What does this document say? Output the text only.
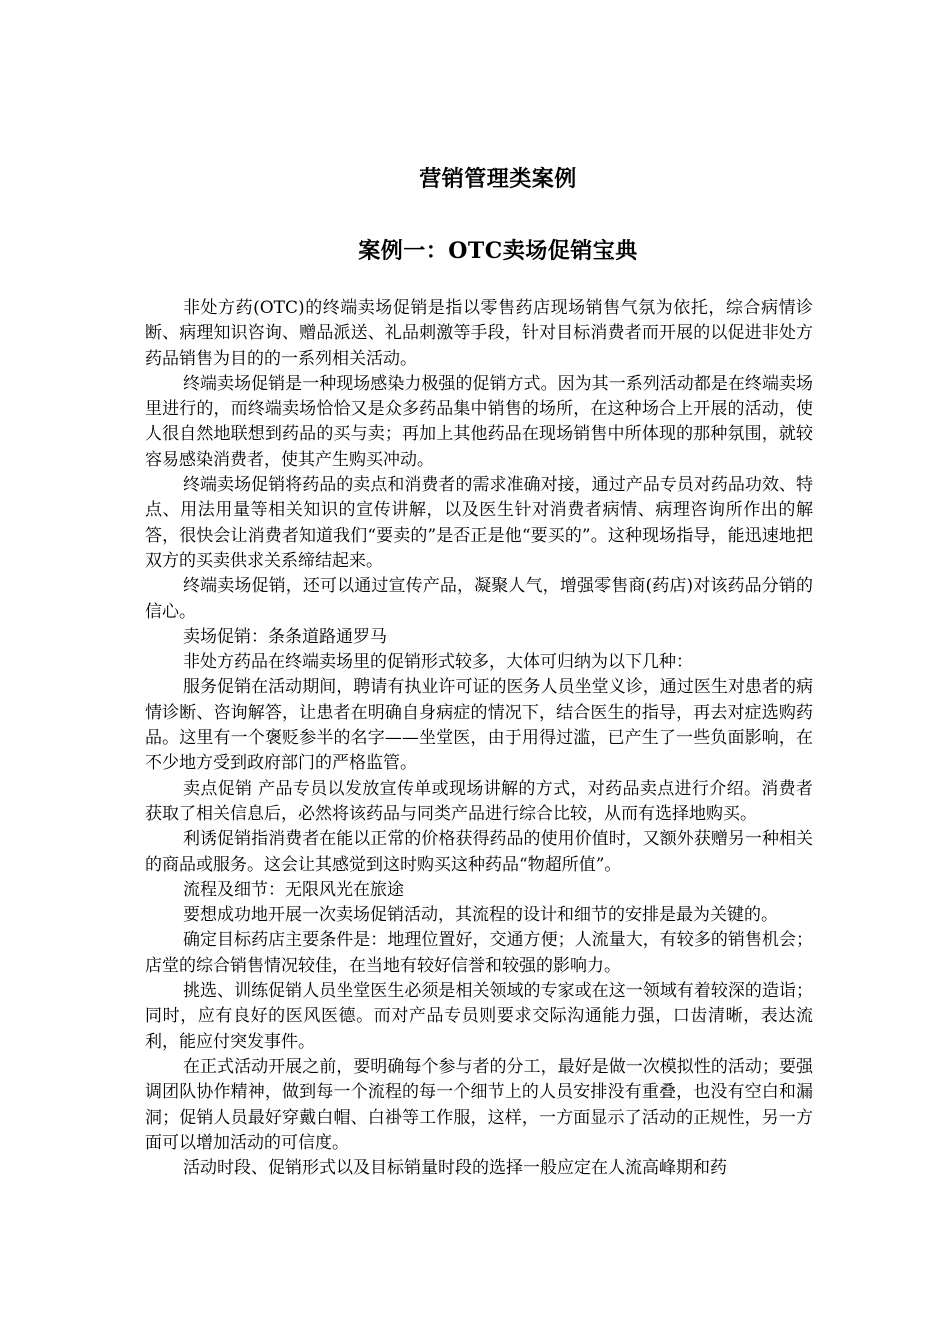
营销管理类案例
案例一：OTC卖场促销宝典

非处方药(OTC)的终端卖场促销是指以零售药店现场销售气氛为依托，综合病情诊断、病理知识咨询、赠品派送、礼品刺激等手段，针对目标消费者而开展的以促进非处方药品销售为目的的一系列相关活动。

终端卖场促销是一种现场感染力极强的促销方式。因为其一系列活动都是在终端卖场里进行的，而终端卖场恰恰又是众多药品集中销售的场所，在这种场合上开展的活动，使人很自然地联想到药品的买与卖；再加上其他药品在现场销售中所体现的那种氛围，就较容易感染消费者，使其产生购买冲动。

终端卖场促销将药品的卖点和消费者的需求准确对接，通过产品专员对药品功效、特点、用法用量等相关知识的宣传讲解，以及医生针对消费者病情、病理咨询所作出的解答，很快会让消费者知道我们“要卖的”是否正是他“要买的”。这种现场指导，能迅速地把双方的买卖供求关系缔结起来。

终端卖场促销，还可以通过宣传产品，凝聚人气，增强零售商(药店)对该药品分销的信心。

卖场促销：条条道路通罗马

非处方药品在终端卖场里的促销形式较多，大体可归纳为以下几种：

服务促销在活动期间，聘请有执业许可证的医务人员坐堂义诊，通过医生对患者的病情诊断、咨询解答，让患者在明确自身病症的情况下，结合医生的指导，再去对症选购药品。这里有一个褒贬参半的名字——坐堂医，由于用得过滥，已产生了一些负面影响，在不少地方受到政府部门的严格监管。

卖点促销 产品专员以发放宣传单或现场讲解的方式，对药品卖点进行介绍。消费者获取了相关信息后，必然将该药品与同类产品进行综合比较，从而有选择地购买。

利诱促销指消费者在能以正常的价格获得药品的使用价值时，又额外获赠另一种相关的商品或服务。这会让其感觉到这时购买这种药品“物超所值”。

流程及细节：无限风光在旅途

要想成功地开展一次卖场促销活动，其流程的设计和细节的安排是最为关键的。

确定目标药店主要条件是：地理位置好，交通方便；人流量大，有较多的销售机会；店堂的综合销售情况较佳，在当地有较好信誉和较强的影响力。

挑选、训练促销人员坐堂医生必须是相关领域的专家或在这一领域有着较深的造诣；同时，应有良好的医风医德。而对产品专员则要求交际沟通能力强，口齿清晰，表达流利，能应付突发事件。

在正式活动开展之前，要明确每个参与者的分工，最好是做一次模拟性的活动；要强调团队协作精神，做到每一个流程的每一个细节上的人员安排没有重叠，也没有空白和漏洞；促销人员最好穿戴白帽、白褂等工作服，这样，一方面显示了活动的正规性，另一方面可以增加活动的可信度。

活动时段、促销形式以及目标销量时段的选择一般应定在人流高峰期和药
